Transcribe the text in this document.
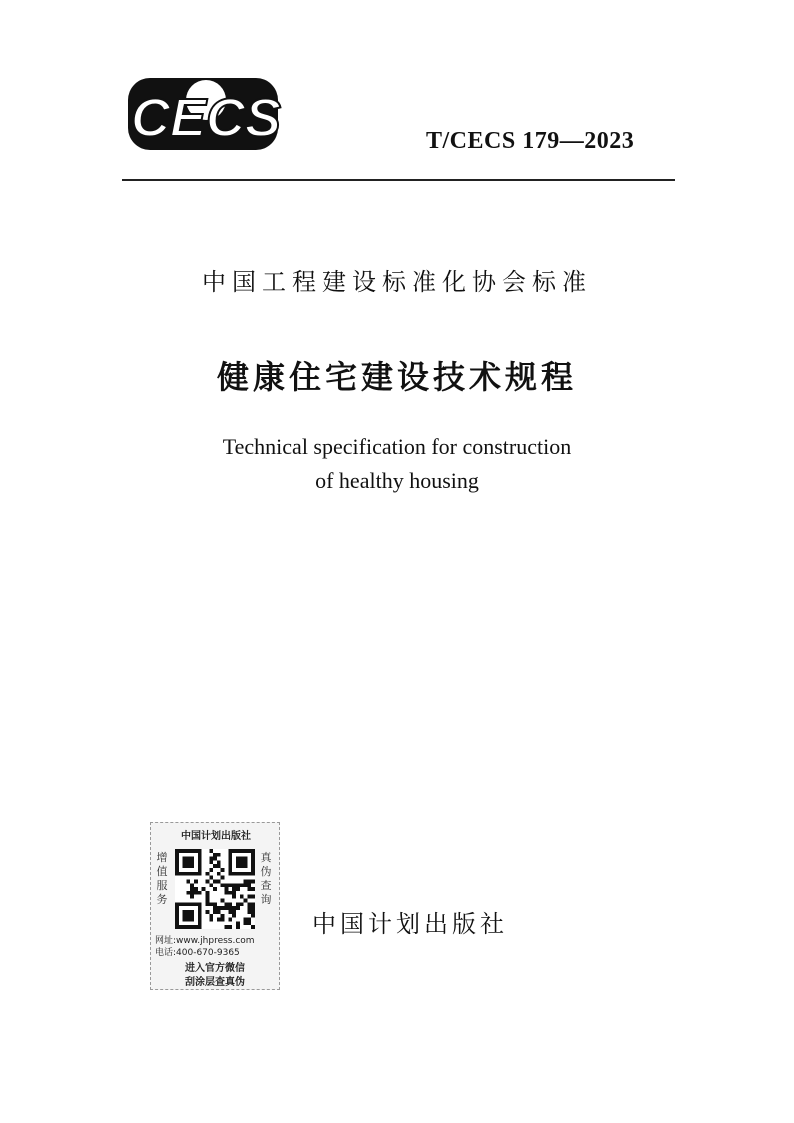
CECS	T/CECS 179—2023
中国工程建设标准化协会标准
健康住宅建设技术规程
Technical specification for construction
of healthy housing
中国计划出版社
增值服务
真伪查询
网址:www.jhpress.com
电话:400-670-9365
进入官方微信
刮涂层查真伪
中国计划出版社
